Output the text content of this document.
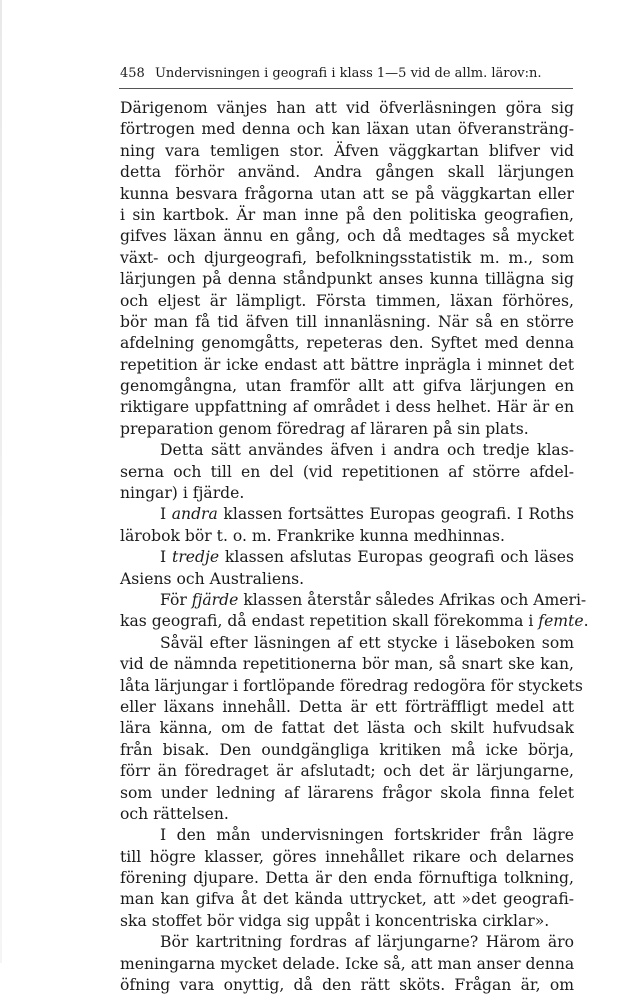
458 Undervisningen i geografi i klass 1—5 vid de allm. lärov:n.
Därigenom vänjes han att vid öfverläsningen göra sig
förtrogen med denna och kan läxan utan öfveransträng-
ning vara temligen stor. Äfven väggkartan blifver vid
detta förhör använd. Andra gången skall lärjungen
kunna besvara frågorna utan att se på väggkartan eller
i sin kartbok. Är man inne på den politiska geografien,
gifves läxan ännu en gång, och då medtages så mycket
växt- och djurgeografi, befolkningsstatistik m. m., som
lärjungen på denna ståndpunkt anses kunna tillägna sig
och eljest är lämpligt. Första timmen, läxan förhöres,
bör man få tid äfven till innanläsning. När så en större
afdelning genomgåtts, repeteras den. Syftet med denna
repetition är icke endast att bättre inprägla i minnet det
genomgångna, utan framför allt att gifva lärjungen en
riktigare uppfattning af området i dess helhet. Här är en
preparation genom föredrag af läraren på sin plats.
Detta sätt användes äfven i andra och tredje klas-
serna och till en del (vid repetitionen af större afdel-
ningar) i fjärde.
I andra klassen fortsättes Europas geografi. I Roths
lärobok bör t. o. m. Frankrike kunna medhinnas.
I tredje klassen afslutas Europas geografi och läses
Asiens och Australiens.
För fjärde klassen återstår således Afrikas och Ameri-
kas geografi, då endast repetition skall förekomma i femte.
Såväl efter läsningen af ett stycke i läseboken som
vid de nämnda repetitionerna bör man, så snart ske kan,
låta lärjungar i fortlöpande föredrag redogöra för styckets
eller läxans innehåll. Detta är ett förträffligt medel att
lära känna, om de fattat det lästa och skilt hufvudsak
från bisak. Den oundgängliga kritiken må icke börja,
förr än föredraget är afslutadt; och det är lärjungarne,
som under ledning af lärarens frågor skola finna felet
och rättelsen.
I den mån undervisningen fortskrider från lägre
till högre klasser, göres innehållet rikare och delarnes
förening djupare. Detta är den enda förnuftiga tolkning,
man kan gifva åt det kända uttrycket, att »det geografi-
ska stoffet bör vidga sig uppåt i koncentriska cirklar».
Bör kartritning fordras af lärjungarne? Härom äro
meningarna mycket delade. Icke så, att man anser denna
öfning vara onyttig, då den rätt sköts. Frågan är, om
